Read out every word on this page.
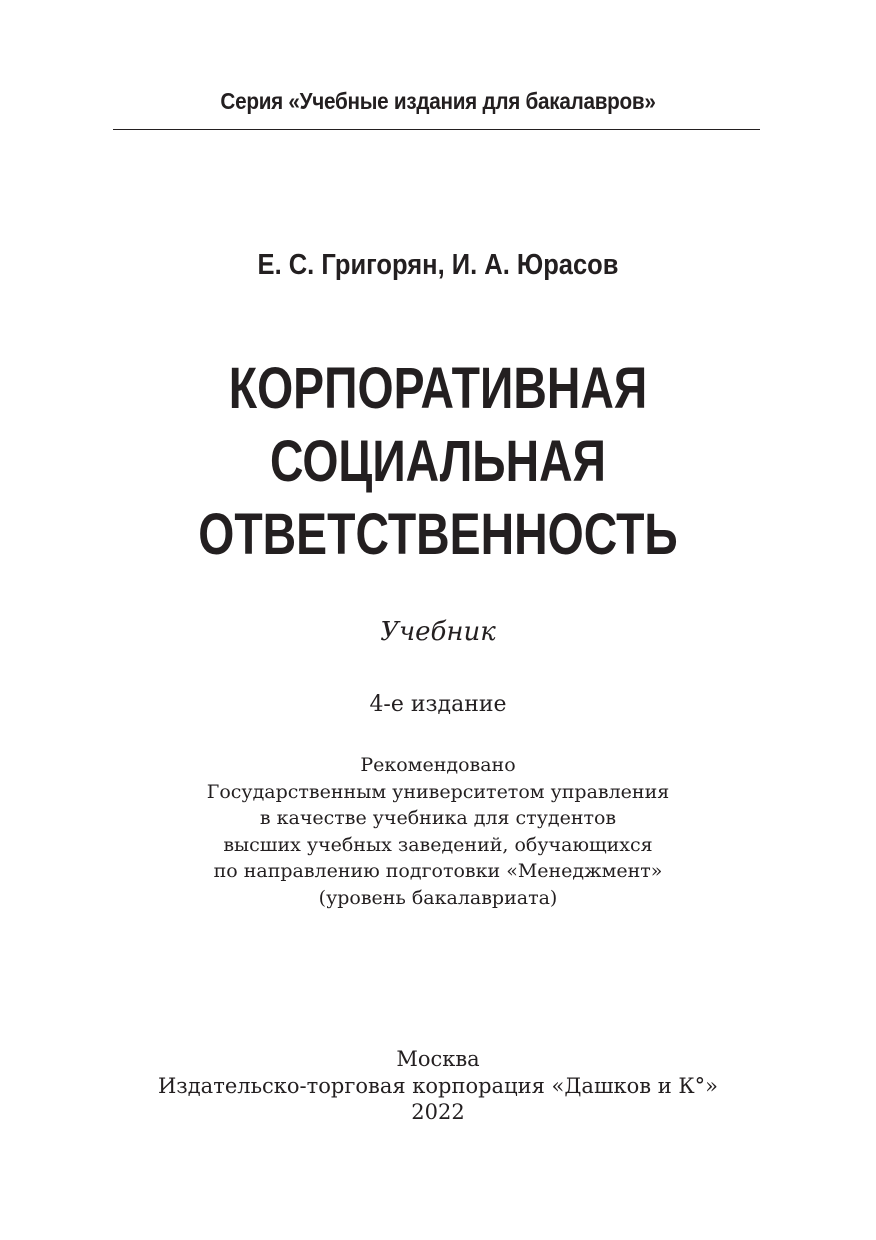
Серия «Учебные издания для бакалавров»
Е. С. Григорян, И. А. Юрасов
КОРПОРАТИВНАЯ
СОЦИАЛЬНАЯ
ОТВЕТСТВЕННОСТЬ
Учебник
4-е издание
Рекомендовано
Государственным университетом управления
в качестве учебника для студентов
высших учебных заведений, обучающихся
по направлению подготовки «Менеджмент»
(уровень бакалавриата)
Москва
Издательско-торговая корпорация «Дашков и К°»
2022
